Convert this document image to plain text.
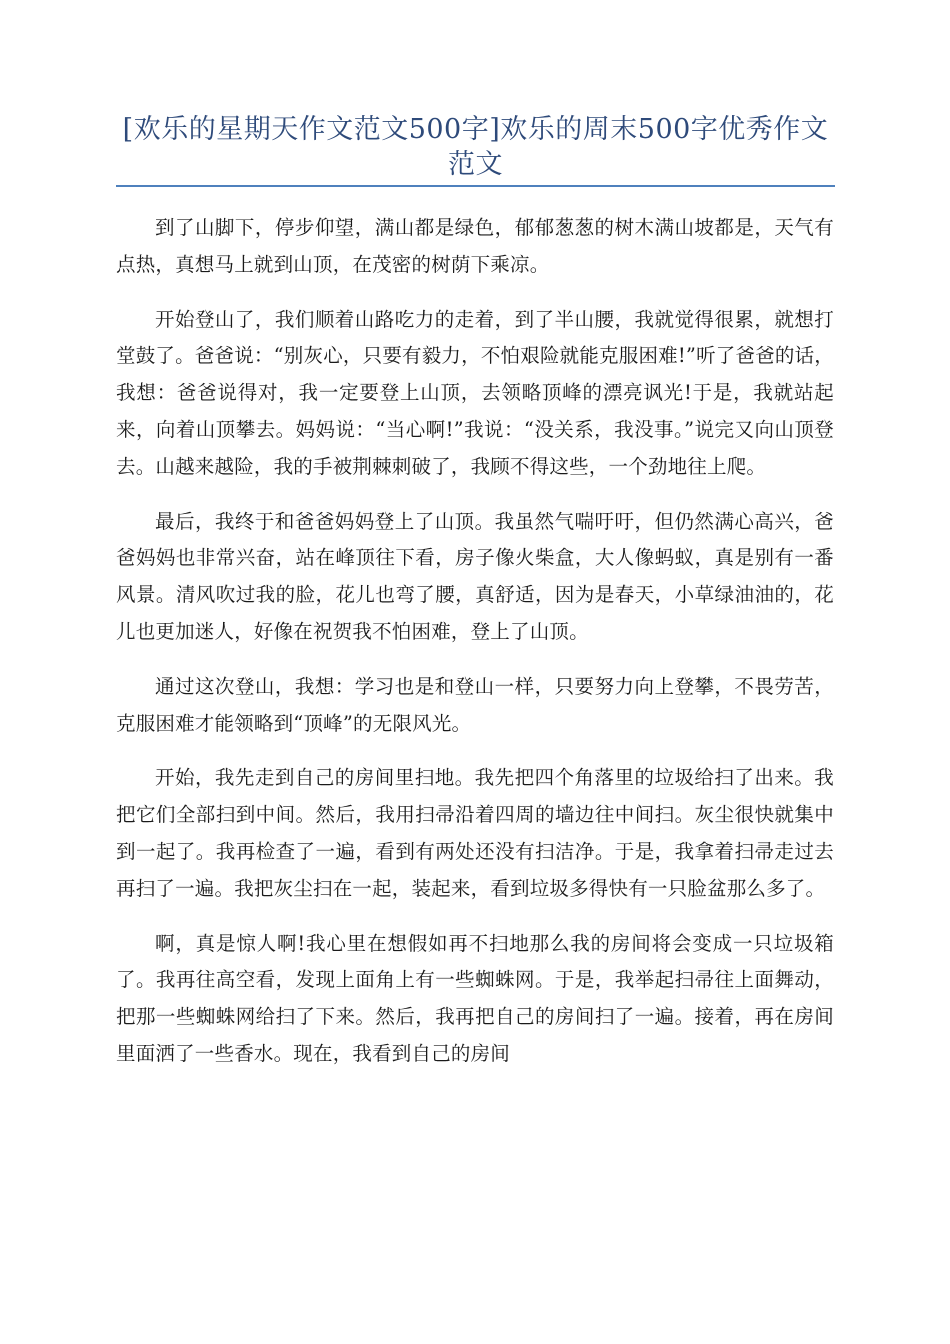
[欢乐的星期天作文范文500字]欢乐的周末500字优秀作文范文

到了山脚下，停步仰望，满山都是绿色，郁郁葱葱的树木满山坡都是，天气有点热，真想马上就到山顶，在茂密的树荫下乘凉。

开始登山了，我们顺着山路吃力的走着，到了半山腰，我就觉得很累，就想打堂鼓了。爸爸说：“别灰心，只要有毅力，不怕艰险就能克服困难!”听了爸爸的话，我想：爸爸说得对，我一定要登上山顶，去领略顶峰的漂亮讽光!于是，我就站起来，向着山顶攀去。妈妈说：“当心啊!”我说：“没关系，我没事。”说完又向山顶登去。山越来越险，我的手被荆棘刺破了，我顾不得这些，一个劲地往上爬。

最后，我终于和爸爸妈妈登上了山顶。我虽然气喘吁吁，但仍然满心高兴，爸爸妈妈也非常兴奋，站在峰顶往下看，房子像火柴盒，大人像蚂蚁，真是别有一番风景。清风吹过我的脸，花儿也弯了腰，真舒适，因为是春天，小草绿油油的，花儿也更加迷人，好像在祝贺我不怕困难，登上了山顶。

通过这次登山，我想：学习也是和登山一样，只要努力向上登攀，不畏劳苦，克服困难才能领略到“顶峰”的无限风光。

开始，我先走到自己的房间里扫地。我先把四个角落里的垃圾给扫了出来。我把它们全部扫到中间。然后，我用扫帚沿着四周的墙边往中间扫。灰尘很快就集中到一起了。我再检查了一遍，看到有两处还没有扫洁净。于是，我拿着扫帚走过去再扫了一遍。我把灰尘扫在一起，装起来，看到垃圾多得快有一只脸盆那么多了。

啊，真是惊人啊!我心里在想假如再不扫地那么我的房间将会变成一只垃圾箱了。我再往高空看，发现上面角上有一些蜘蛛网。于是，我举起扫帚往上面舞动，把那一些蜘蛛网给扫了下来。然后，我再把自己的房间扫了一遍。接着，再在房间里面洒了一些香水。现在，我看到自己的房间
